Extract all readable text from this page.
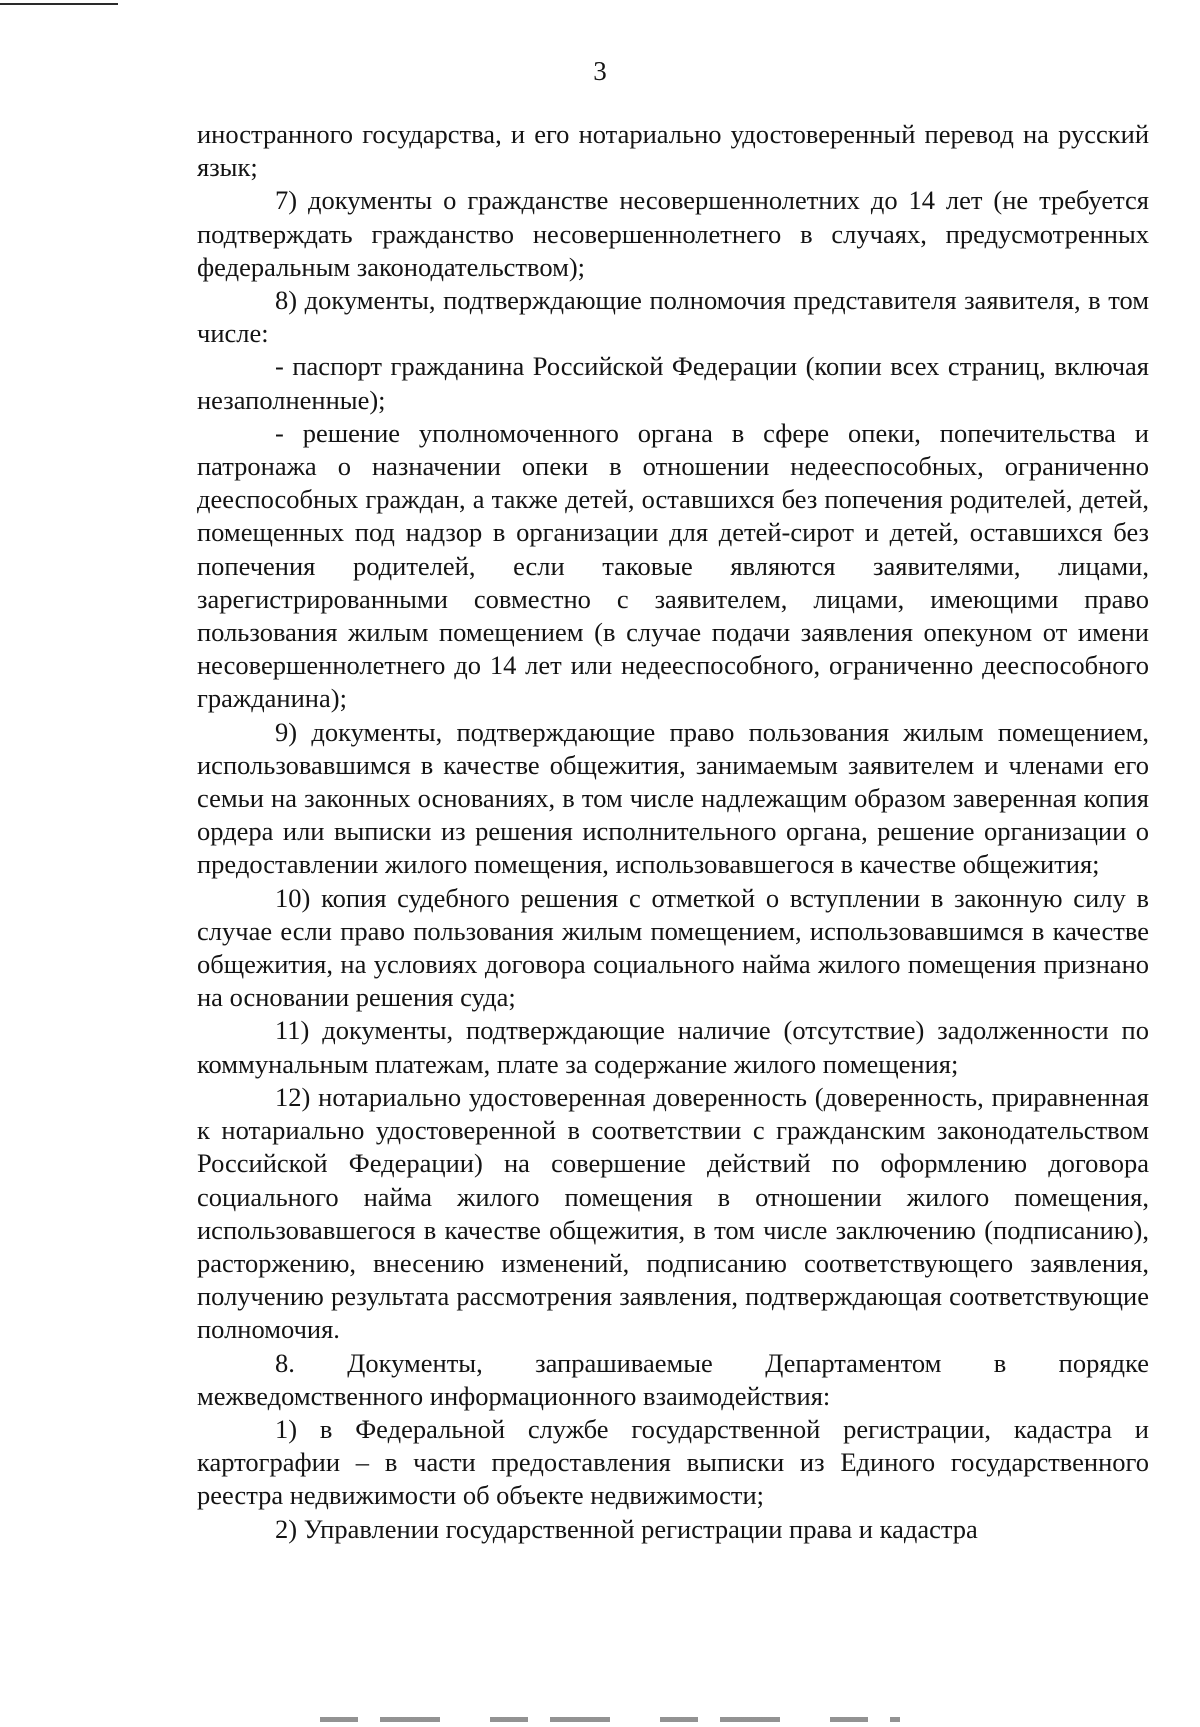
3

иностранного государства, и его нотариально удостоверенный перевод на русский язык;

7) документы о гражданстве несовершеннолетних до 14 лет (не требуется подтверждать гражданство несовершеннолетнего в случаях, предусмотренных федеральным законодательством);

8) документы, подтверждающие полномочия представителя заявителя, в том числе:

- паспорт гражданина Российской Федерации (копии всех страниц, включая незаполненные);

- решение уполномоченного органа в сфере опеки, попечительства и патронажа о назначении опеки в отношении недееспособных, ограниченно дееспособных граждан, а также детей, оставшихся без попечения родителей, детей, помещенных под надзор в организации для детей-сирот и детей, оставшихся без попечения родителей, если таковые являются заявителями, лицами, зарегистрированными совместно с заявителем, лицами, имеющими право пользования жилым помещением (в случае подачи заявления опекуном от имени несовершеннолетнего до 14 лет или недееспособного, ограниченно дееспособного гражданина);

9) документы, подтверждающие право пользования жилым помещением, использовавшимся в качестве общежития, занимаемым заявителем и членами его семьи на законных основаниях, в том числе надлежащим образом заверенная копия ордера или выписки из решения исполнительного органа, решение организации о предоставлении жилого помещения, использовавшегося в качестве общежития;

10) копия судебного решения с отметкой о вступлении в законную силу в случае если право пользования жилым помещением, использовавшимся в качестве общежития, на условиях договора социального найма жилого помещения признано на основании решения суда;

11) документы, подтверждающие наличие (отсутствие) задолженности по коммунальным платежам, плате за содержание жилого помещения;

12) нотариально удостоверенная доверенность (доверенность, приравненная к нотариально удостоверенной в соответствии с гражданским законодательством Российской Федерации) на совершение действий по оформлению договора социального найма жилого помещения в отношении жилого помещения, использовавшегося в качестве общежития, в том числе заключению (подписанию), расторжению, внесению изменений, подписанию соответствующего заявления, получению результата рассмотрения заявления, подтверждающая соответствующие полномочия.

8. Документы, запрашиваемые Департаментом в порядке межведомственного информационного взаимодействия:

1) в Федеральной службе государственной регистрации, кадастра и картографии – в части предоставления выписки из Единого государственного реестра недвижимости об объекте недвижимости;

2) Управлении государственной регистрации права и кадастра
